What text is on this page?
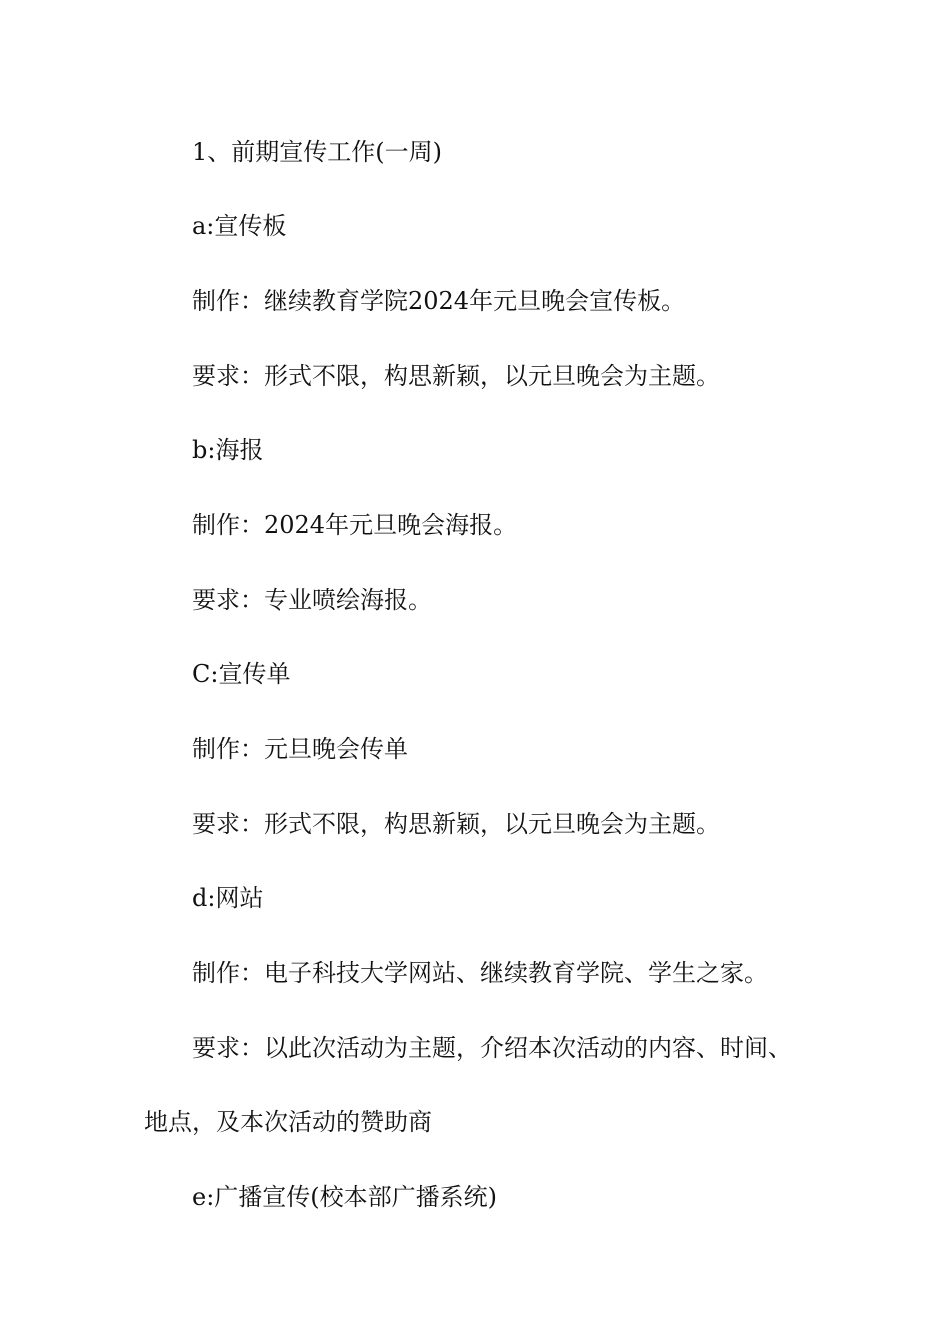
1、前期宣传工作(一周)
a:宣传板
制作：继续教育学院2024年元旦晚会宣传板。
要求：形式不限，构思新颖，以元旦晚会为主题。
b:海报
制作：2024年元旦晚会海报。
要求：专业喷绘海报。
C:宣传单
制作：元旦晚会传单
要求：形式不限，构思新颖，以元旦晚会为主题。
d:网站
制作：电子科技大学网站、继续教育学院、学生之家。
要求：以此次活动为主题，介绍本次活动的内容、时间、
地点，及本次活动的赞助商
e:广播宣传(校本部广播系统)
